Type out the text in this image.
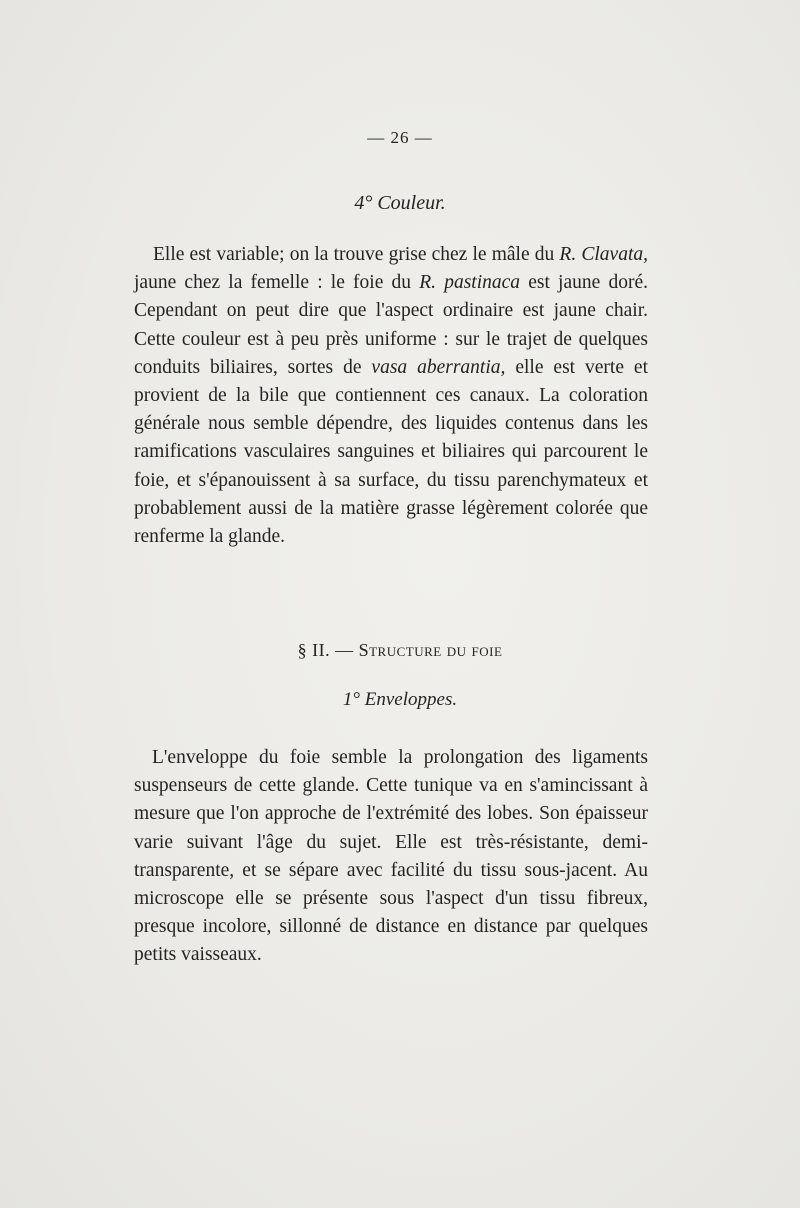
— 26 —
4° Couleur.

Elle est variable; on la trouve grise chez le mâle du R. Clavata, jaune chez la femelle : le foie du R. pastinaca est jaune doré. Cependant on peut dire que l'aspect ordinaire est jaune chair. Cette couleur est à peu près uniforme : sur le trajet de quelques conduits biliaires, sortes de vasa aberrantia, elle est verte et provient de la bile que contiennent ces canaux. La coloration générale nous semble dépendre, des liquides contenus dans les ramifications vasculaires sanguines et biliaires qui parcourent le foie, et s'épanouissent à sa surface, du tissu parenchymateux et probablement aussi de la matière grasse légèrement colorée que renferme la glande.

§ II. — Structure du foie
1° Enveloppes.

L'enveloppe du foie semble la prolongation des ligaments suspenseurs de cette glande. Cette tunique va en s'amincissant à mesure que l'on approche de l'extrémité des lobes. Son épaisseur varie suivant l'âge du sujet. Elle est très-résistante, demi-transparente, et se sépare avec facilité du tissu sous-jacent. Au microscope elle se présente sous l'aspect d'un tissu fibreux, presque incolore, sillonné de distance en distance par quelques petits vaisseaux.
